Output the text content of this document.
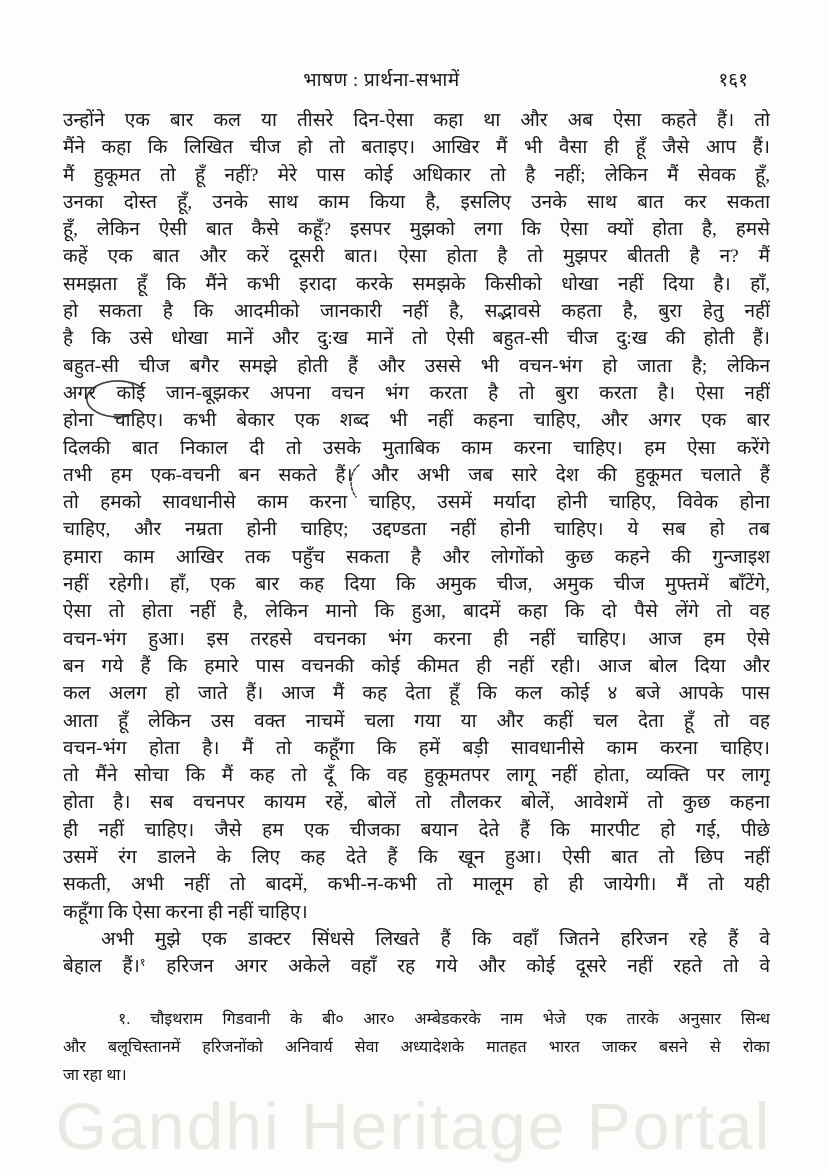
भाषण : प्रार्थना-सभामें	१६१
उन्होंने एक बार कल या तीसरे दिन-ऐसा कहा था और अब ऐसा कहते हैं। तो
मैंने कहा कि लिखित चीज हो तो बताइए। आखिर मैं भी वैसा ही हूँ जैसे आप हैं।
मैं हुकूमत तो हूँ नहीं? मेरे पास कोई अधिकार तो है नहीं; लेकिन मैं सेवक हूँ,
उनका दोस्त हूँ, उनके साथ काम किया है, इसलिए उनके साथ बात कर सकता
हूँ, लेकिन ऐसी बात कैसे कहूँ? इसपर मुझको लगा कि ऐसा क्यों होता है, हमसे
कहें एक बात और करें दूसरी बात। ऐसा होता है तो मुझपर बीतती है न? मैं
समझता हूँ कि मैंने कभी इरादा करके समझके किसीको धोखा नहीं दिया है। हाँ,
हो सकता है कि आदमीको जानकारी नहीं है, सद्भावसे कहता है, बुरा हेतु नहीं
है कि उसे धोखा मानें और दु:ख मानें तो ऐसी बहुत-सी चीज दु:ख की होती हैं।
बहुत-सी चीज बगैर समझे होती हैं और उससे भी वचन-भंग हो जाता है; लेकिन
अगर कोई जान-बूझकर अपना वचन भंग करता है तो बुरा करता है। ऐसा नहीं
होना चाहिए। कभी बेकार एक शब्द भी नहीं कहना चाहिए, और अगर एक बार
दिलकी बात निकाल दी तो उसके मुताबिक काम करना चाहिए। हम ऐसा करेंगे
तभी हम एक-वचनी बन सकते हैं। और अभी जब सारे देश की हुकूमत चलाते हैं
तो हमको सावधानीसे काम करना चाहिए, उसमें मर्यादा होनी चाहिए, विवेक होना
चाहिए, और नम्रता होनी चाहिए; उद्दण्डता नहीं होनी चाहिए। ये सब हो तब
हमारा काम आखिर तक पहुँच सकता है और लोगोंको कुछ कहने की गुन्जाइश
नहीं रहेगी। हाँ, एक बार कह दिया कि अमुक चीज, अमुक चीज मुफ्तमें बाँटेंगे,
ऐसा तो होता नहीं है, लेकिन मानो कि हुआ, बादमें कहा कि दो पैसे लेंगे तो वह
वचन-भंग हुआ। इस तरहसे वचनका भंग करना ही नहीं चाहिए। आज हम ऐसे
बन गये हैं कि हमारे पास वचनकी कोई कीमत ही नहीं रही। आज बोल दिया और
कल अलग हो जाते हैं। आज मैं कह देता हूँ कि कल कोई ४ बजे आपके पास
आता हूँ लेकिन उस वक्त नाचमें चला गया या और कहीं चल देता हूँ तो वह
वचन-भंग होता है। मैं तो कहूँगा कि हमें बड़ी सावधानीसे काम करना चाहिए।
तो मैंने सोचा कि मैं कह तो दूँ कि वह हुकूमतपर लागू नहीं होता, व्यक्ति पर लागू
होता है। सब वचनपर कायम रहें, बोलें तो तौलकर बोलें, आवेशमें तो कुछ कहना
ही नहीं चाहिए। जैसे हम एक चीजका बयान देते हैं कि मारपीट हो गई, पीछे
उसमें रंग डालने के लिए कह देते हैं कि खून हुआ। ऐसी बात तो छिप नहीं
सकती, अभी नहीं तो बादमें, कभी-न-कभी तो मालूम हो ही जायेगी। मैं तो यही
कहूँगा कि ऐसा करना ही नहीं चाहिए।
अभी मुझे एक डाक्टर सिंधसे लिखते हैं कि वहाँ जितने हरिजन रहे हैं वे
बेहाल हैं।$^१$ हरिजन अगर अकेले वहाँ रह गये और कोई दूसरे नहीं रहते तो वे
१. चौइथराम गिडवानी के बी० आर० अम्बेडकरके नाम भेजे एक तारके अनुसार सिन्ध
और बलूचिस्तानमें हरिजनोंको अनिवार्य सेवा अध्यादेशके मातहत भारत जाकर बसने से रोका
जा रहा था।
Gandhi Heritage Portal
